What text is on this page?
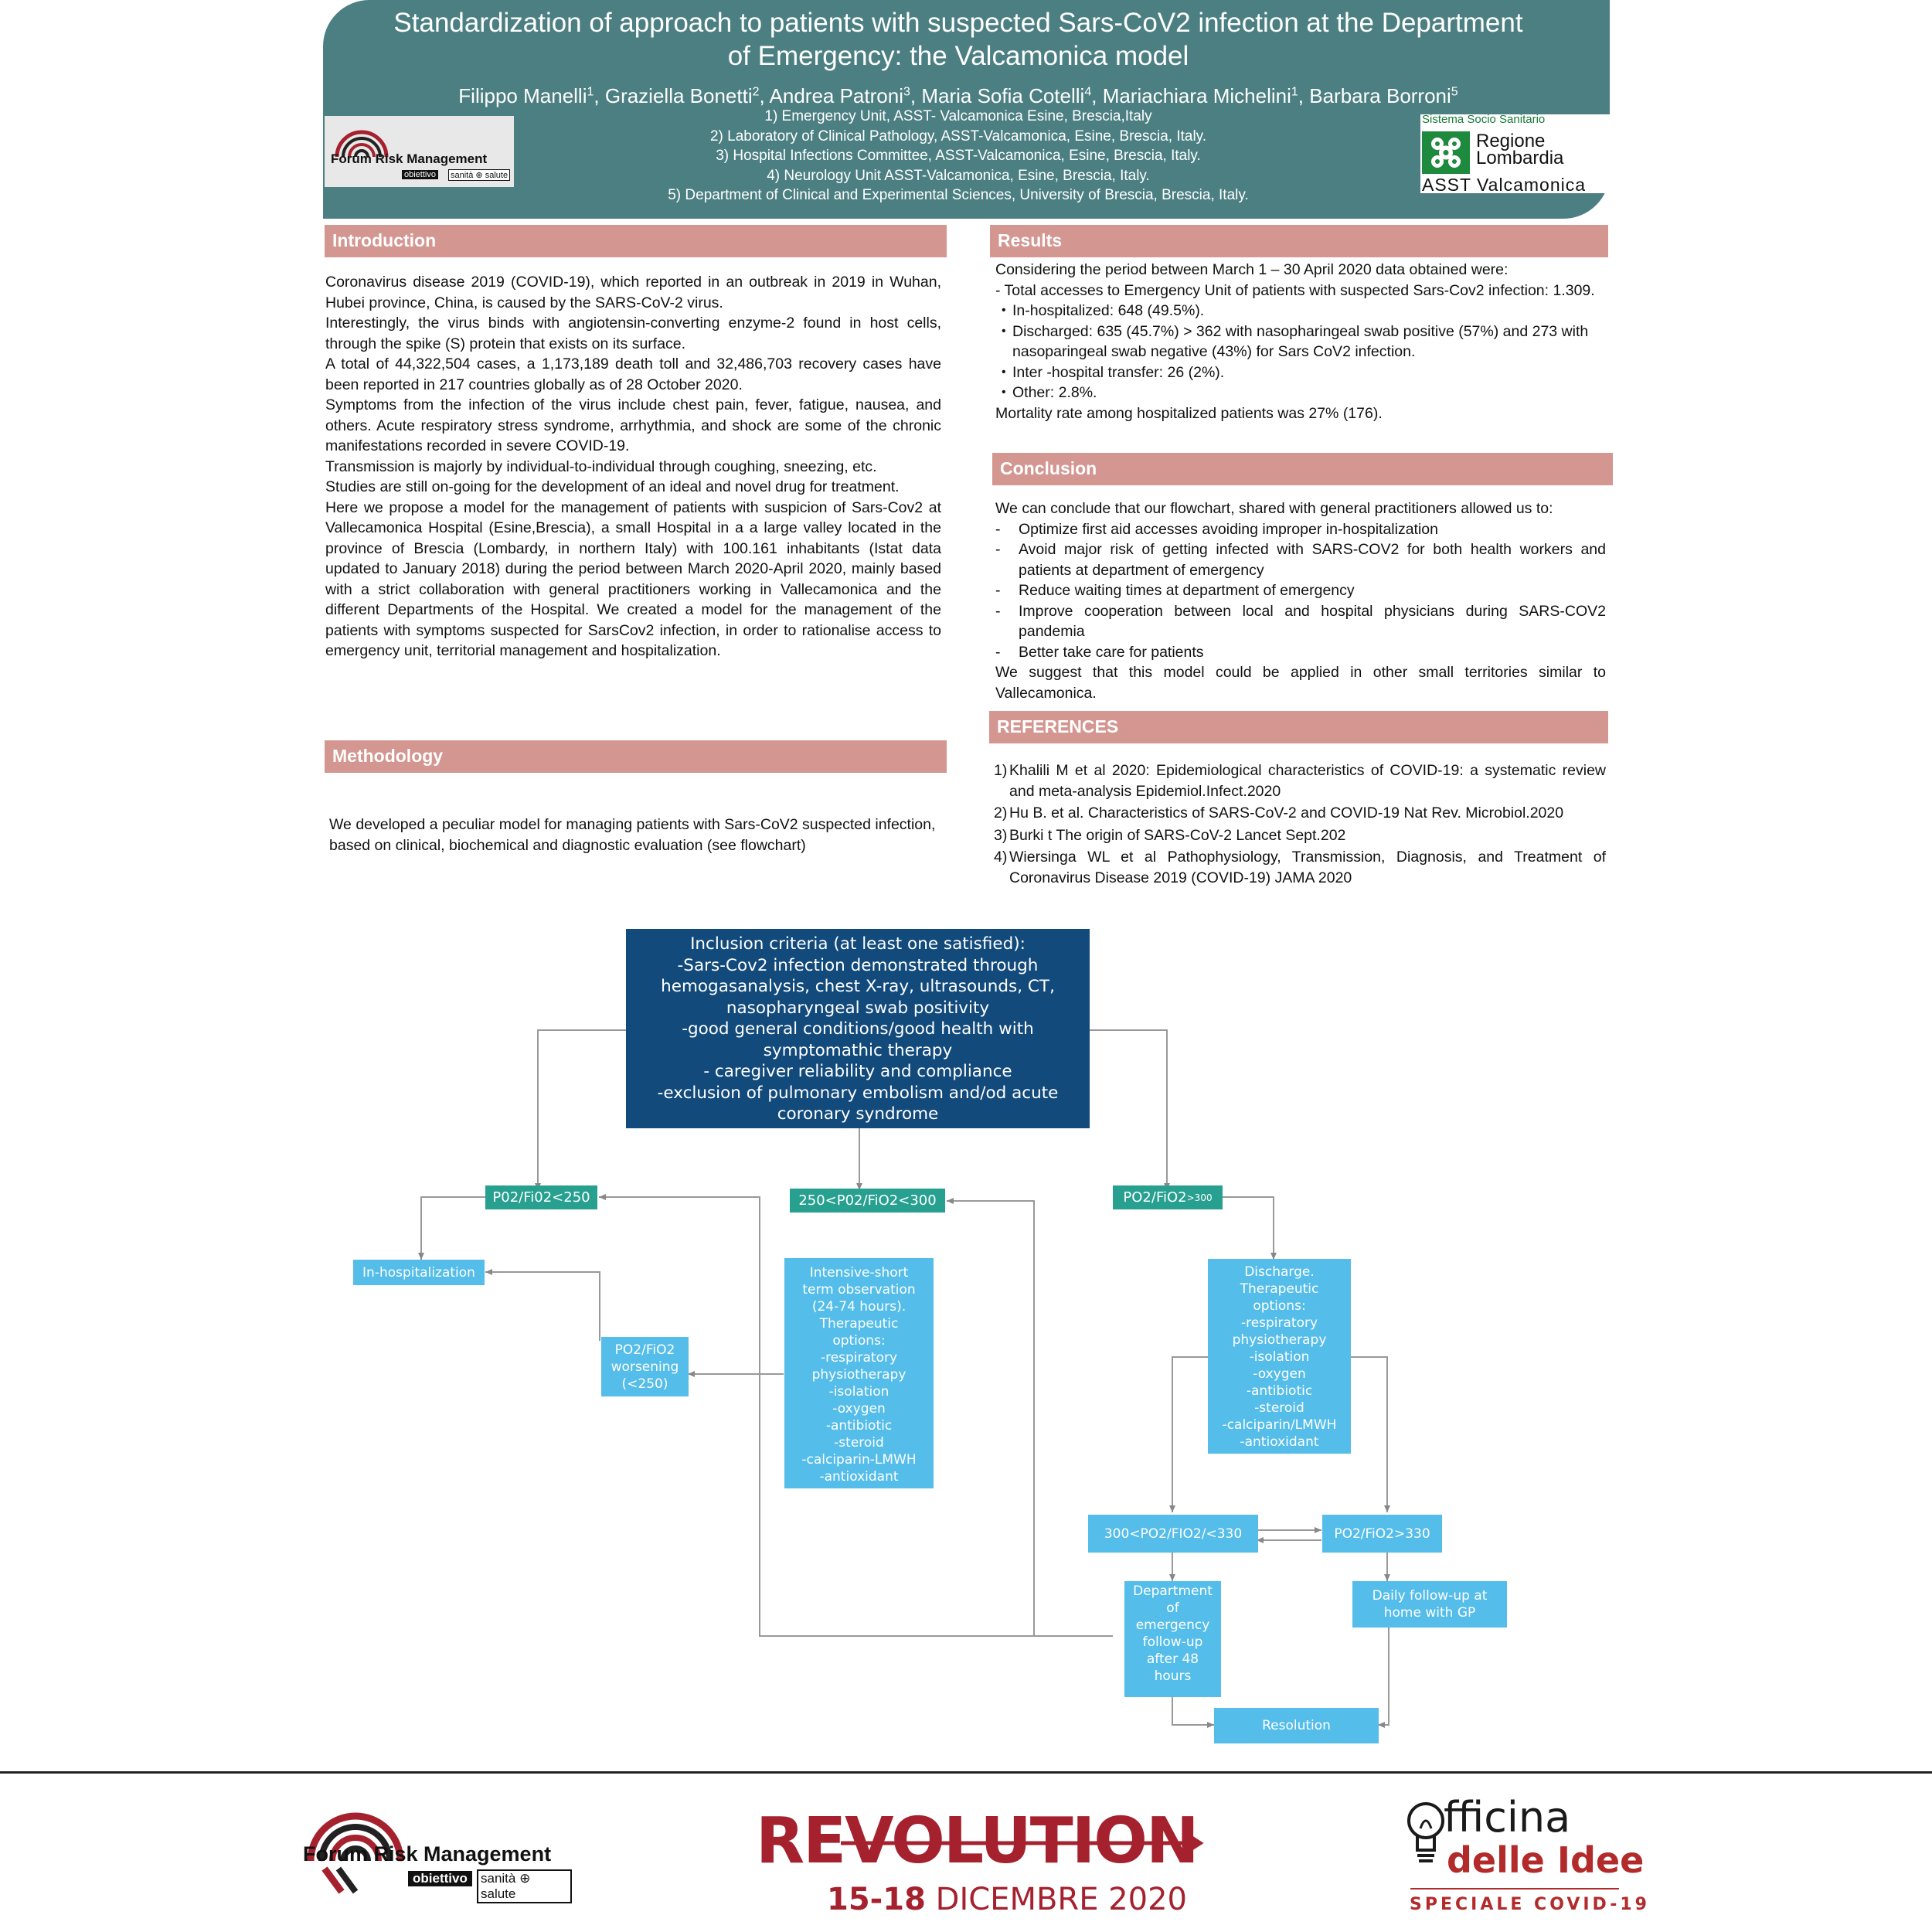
Standardization of approach to patients with suspected Sars-CoV2 infection at the Department
of Emergency: the Valcamonica model
Filippo Manelli$^1$, Graziella Bonetti$^2$, Andrea Patroni$^3$, Maria Sofia Cotelli$^4$, Mariachiara Michelini$^1$, Barbara Borroni$^5$
1) Emergency Unit, ASST- Valcamonica Esine, Brescia,Italy
2) Laboratory of Clinical Pathology, ASST-Valcamonica, Esine, Brescia, Italy.
3) Hospital Infections Committee, ASST-Valcamonica, Esine, Brescia, Italy.
4) Neurology Unit ASST-Valcamonica, Esine, Brescia, Italy.
5) Department of Clinical and Experimental Sciences, University of Brescia, Brescia, Italy.
Forum Risk Management
obiettivo sanità ⊕ salute
Sistema Socio Sanitario
Regione
Lombardia
ASST Valcamonica
Introduction

Coronavirus disease 2019 (COVID-19), which reported in an outbreak in 2019 in Wuhan, Hubei province, China, is caused by the SARS-CoV-2 virus.

Interestingly, the virus binds with angiotensin-converting enzyme-2 found in host cells, through the spike (S) protein that exists on its surface.

A total of 44,322,504 cases, a 1,173,189 death toll and 32,486,703 recovery cases have been reported in 217 countries globally as of 28 October 2020.

Symptoms from the infection of the virus include chest pain, fever, fatigue, nausea, and others. Acute respiratory stress syndrome, arrhythmia, and shock are some of the chronic manifestations recorded in severe COVID-19.

Transmission is majorly by individual-to-individual through coughing, sneezing, etc.

Studies are still on-going for the development of an ideal and novel drug for treatment.

Here we propose a model for the management of patients with suspicion of Sars-Cov2 at Vallecamonica Hospital (Esine,Brescia), a small Hospital in a a large valley located in the province of Brescia (Lombardy, in northern Italy) with 100.161 inhabitants (Istat data updated to January 2018) during the period between March 2020-April 2020, mainly based with a strict collaboration with general practitioners working in Vallecamonica and the different Departments of the Hospital. We created a model for the management of the patients with symptoms suspected for SarsCov2 infection, in order to rationalise access to emergency unit, territorial management and hospitalization.

Methodology
We developed a peculiar model for managing patients with Sars-CoV2 suspected infection, based on clinical, biochemical and diagnostic evaluation (see flowchart)
Results

Considering the period between March 1 – 30 April 2020 data obtained were:

- Total accesses to Emergency Unit of patients with suspected Sars-Cov2 infection: 1.309.

• In-hospitalized: 648 (49.5%).
• Discharged: 635 (45.7%) > 362 with nasopharingeal swab positive (57%) and 273 with nasoparingeal swab negative (43%) for Sars CoV2 infection.
• Inter -hospital transfer: 26 (2%).
• Other: 2.8%.

Mortality rate among hospitalized patients was 27% (176).

Conclusion

We can conclude that our flowchart, shared with general practitioners allowed us to:

- Optimize first aid accesses avoiding improper in-hospitalization
- Avoid major risk of getting infected with SARS-COV2 for both health workers and patients at department of emergency
- Reduce waiting times at department of emergency
- Improve cooperation between local and hospital physicians during SARS-COV2 pandemia
- Better take care for patients

We suggest that this model could be applied in other small territories similar to Vallecamonica.

REFERENCES
1) Khalili M et al 2020: Epidemiological characteristics of COVID-19: a systematic review and meta-analysis Epidemiol.Infect.2020
2) Hu B. et al. Characteristics of SARS-CoV-2 and COVID-19 Nat Rev. Microbiol.2020
3) Burki t The origin of SARS-CoV-2 Lancet Sept.202
4) Wiersinga WL et al Pathophysiology, Transmission, Diagnosis, and Treatment of Coronavirus Disease 2019 (COVID-19) JAMA 2020
Inclusion criteria (at least one satisfied):
-Sars-Cov2 infection demonstrated through
hemogasanalysis, chest X-ray, ultrasounds, CT,
nasopharyngeal swab positivity
-good general conditions/good health with
symptomathic therapy
- caregiver reliability and compliance
-exclusion of pulmonary embolism and/od acute
coronary syndrome
P02/Fi02<250	250<P02/FiO2<300	PO2/FiO2 >300
In-hospitalization
PO2/FiO2
worsening
(<250)
Intensive-short
term observation
(24-74 hours).
Therapeutic
options:
-respiratory
physiotherapy
-isolation
-oxygen
-antibiotic
-steroid
-calciparin-LMWH
-antioxidant
Discharge.
Therapeutic
options:
-respiratory
physiotherapy
-isolation
-oxygen
-antibiotic
-steroid
-calciparin/LMWH
-antioxidant
300<PO2/FIO2/<330	PO2/FiO2>330
Department
of
emergency
follow-up
after 48
hours
Daily follow-up at
home with GP
Resolution
Forum Risk Management
obiettivo	sanità ⊕ salute
REVOLUTION
15-18 DICEMBRE 2020
fficina
delle Idee
SPECIALE COVID-19
